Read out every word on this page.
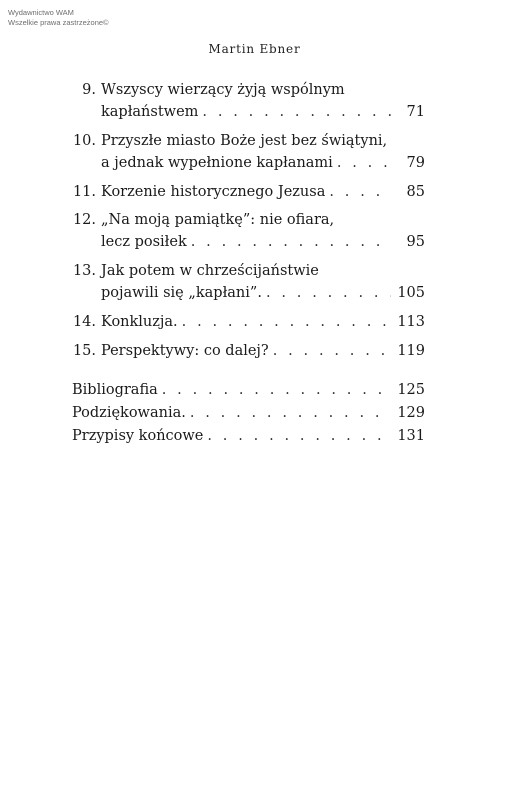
Wydawnictwo WAM
Wszelkie prawa zastrzeżone©
Martin Ebner
9. Wszyscy wierzący żyją wspólnym
kapłaństwem . . .	71
10. Przyszłe miasto Boże jest bez świątyni,
a jednak wypełnione kapłanami . . .	79
11. Korzenie historycznego Jezusa . . .	85
12. „Na moją pamiątkę”: nie ofiara,
lecz posiłek . . .	95
13. Jak potem w chrześcijaństwie
pojawili się „kapłani”. . . .	105
14. Konkluzja. . . .	113
15. Perspektywy: co dalej? . . .	119
Bibliografia . . .	125
Podziękowania. . . .	129
Przypisy końcowe . . .	131
